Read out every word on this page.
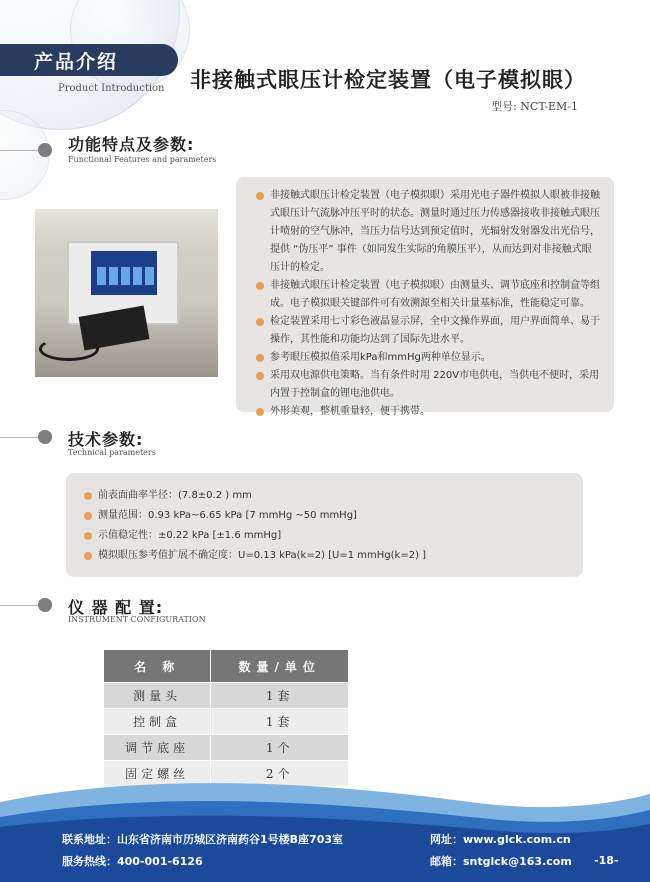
产品介绍
Product Introduction 非接触式眼压计检定装置（电子模拟眼）
型号: NCT-EM-1
功能特点及参数:
Functional Features and parameters
非接触式眼压计检定装置（电子模拟眼）采用光电子器件模拟人眼被非接触式眼压计气流脉冲压平时的状态。测量时通过压力传感器接收非接触式眼压计喷射的空气脉冲，当压力信号达到预定值时，光辐射发射器发出光信号，提供 “伪压平” 事件（如同发生实际的角膜压平），从而达到对非接触式眼压计的检定。
非接触式眼压计检定装置（电子模拟眼）由测量头、调节底座和控制盒等组成。电子模拟眼关键部件可有效溯源至相关计量基标准，性能稳定可靠。
检定装置采用七寸彩色液晶显示屏，全中文操作界面，用户界面简单、易于操作，其性能和功能均达到了国际先进水平。
参考眼压模拟值采用kPa和mmHg两种单位显示。
采用双电源供电策略。当有条件时用 220V市电供电，当供电不便时，采用内置于控制盒的锂电池供电。
外形美观，整机重量轻，便于携带。
技术参数:
Technical parameters
前表面曲率半径：(7.8±0.2 ) mm
测量范围：0.93 kPa~6.65 kPa [7 mmHg ~50 mmHg]
示值稳定性：±0.22 kPa [±1.6 mmHg]
模拟眼压参考值扩展不确定度：U=0.13 kPa(k=2) [U=1 mmHg(k=2) ]
仪 器 配 置:
INSTRUMENT CONFIGURATION
名 称	数量/单位
测量头	1套
控制盒	1套
调节底座	1个
固定螺丝	2个
联系地址：山东省济南市历城区济南药谷1号楼B座703室
服务热线：400-001-6126
网址：www.glck.com.cn
邮箱：sntglck@163.com -18-
